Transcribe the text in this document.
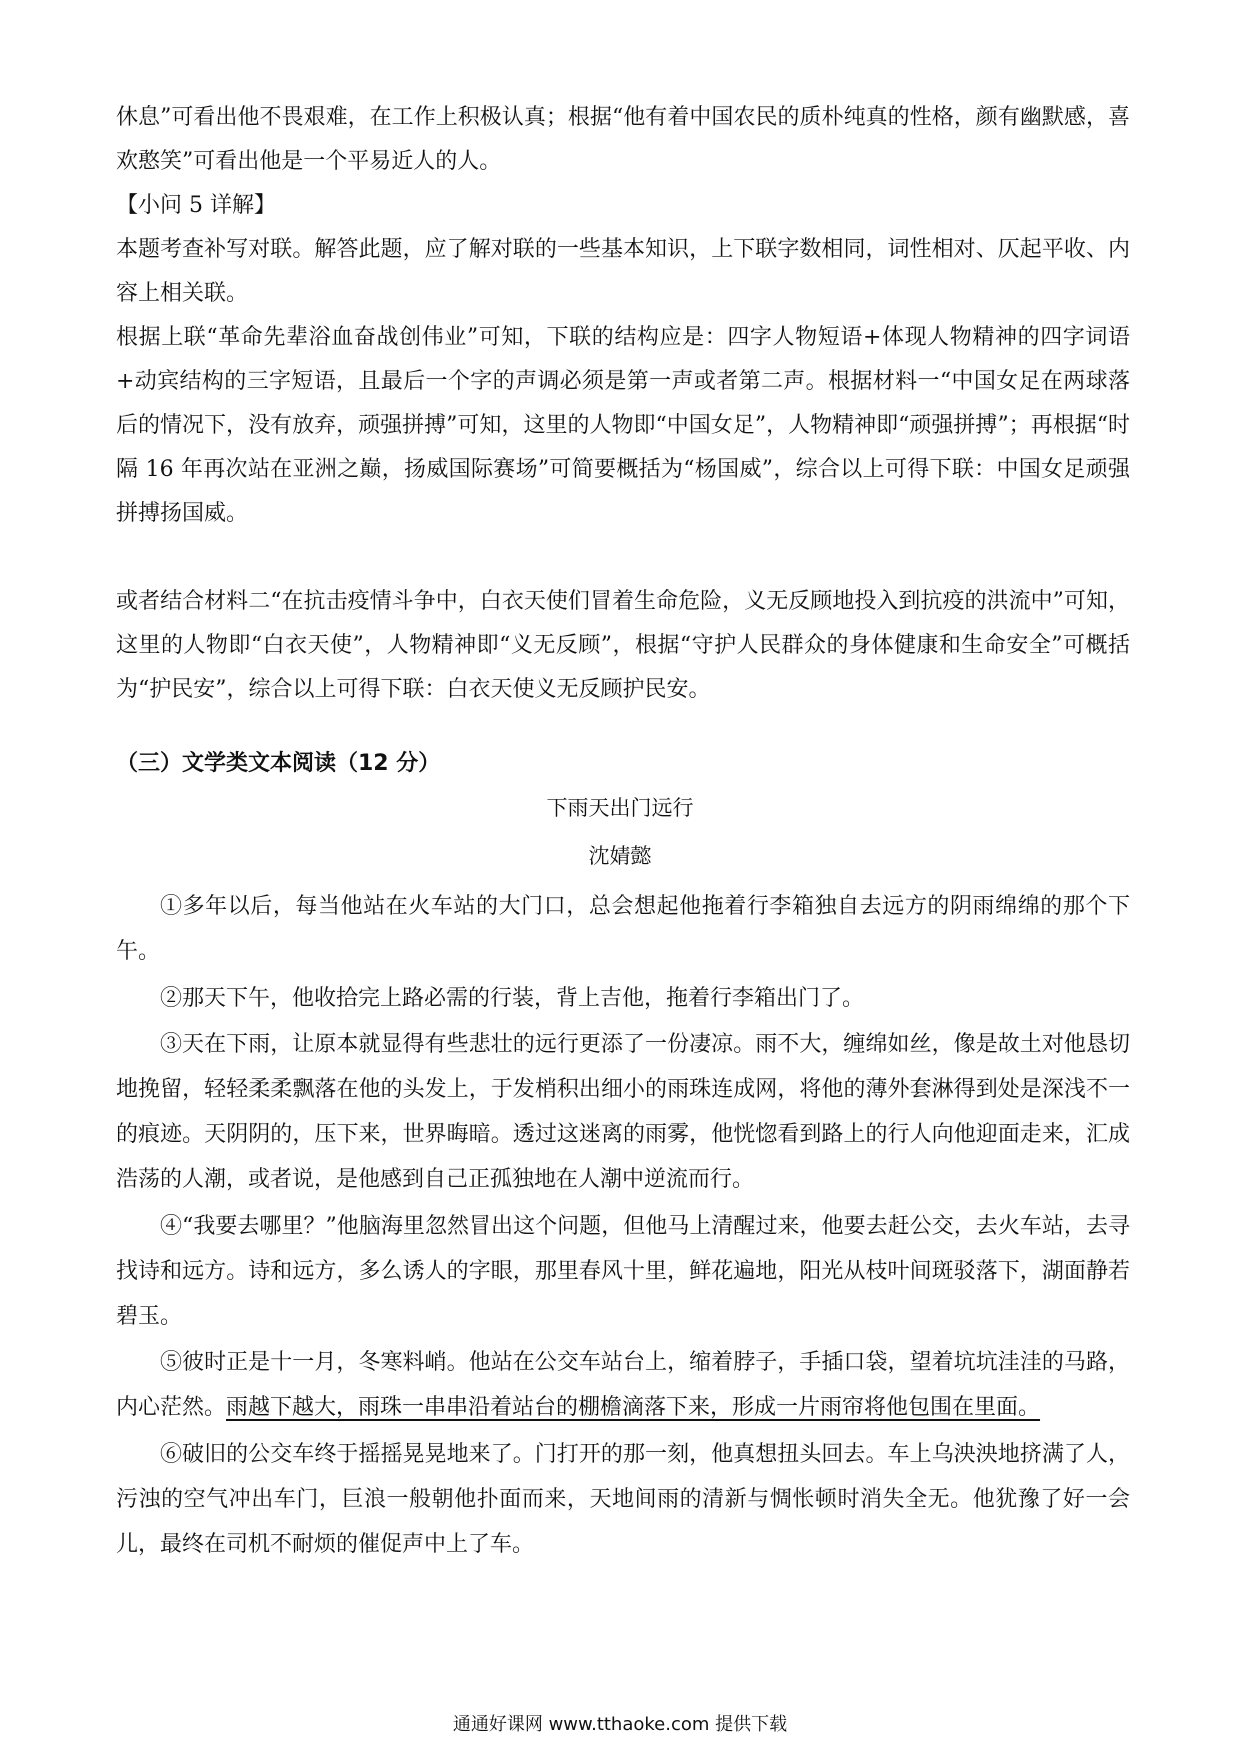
休息”可看出他不畏艰难，在工作上积极认真；根据“他有着中国农民的质朴纯真的性格，颜有幽默感，喜欢憨笑”可看出他是一个平易近人的人。

【小问 5 详解】

本题考查补写对联。解答此题，应了解对联的一些基本知识，上下联字数相同，词性相对、仄起平收、内容上相关联。

根据上联“革命先辈浴血奋战创伟业”可知，下联的结构应是：四字人物短语+体现人物精神的四字词语+动宾结构的三字短语，且最后一个字的声调必须是第一声或者第二声。根据材料一“中国女足在两球落后的情况下，没有放弃，顽强拼搏”可知，这里的人物即“中国女足”，人物精神即“顽强拼搏”；再根据“时隔 16 年再次站在亚洲之巅，扬威国际赛场”可简要概括为“杨国威”，综合以上可得下联：中国女足顽强拼搏扬国威。

或者结合材料二“在抗击疫情斗争中，白衣天使们冒着生命危险，义无反顾地投入到抗疫的洪流中”可知，这里的人物即“白衣天使”，人物精神即“义无反顾”，根据“守护人民群众的身体健康和生命安全”可概括为“护民安”，综合以上可得下联：白衣天使义无反顾护民安。

（三）文学类文本阅读（12 分）

下雨天出门远行

沈婧懿

①多年以后，每当他站在火车站的大门口，总会想起他拖着行李箱独自去远方的阴雨绵绵的那个下午。

②那天下午，他收拾完上路必需的行装，背上吉他，拖着行李箱出门了。

③天在下雨，让原本就显得有些悲壮的远行更添了一份凄凉。雨不大，缠绵如丝，像是故土对他恳切地挽留，轻轻柔柔飘落在他的头发上，于发梢积出细小的雨珠连成网，将他的薄外套淋得到处是深浅不一的痕迹。天阴阴的，压下来，世界晦暗。透过这迷离的雨雾，他恍惚看到路上的行人向他迎面走来，汇成浩荡的人潮，或者说，是他感到自己正孤独地在人潮中逆流而行。

④“我要去哪里？”他脑海里忽然冒出这个问题，但他马上清醒过来，他要去赶公交，去火车站，去寻找诗和远方。诗和远方，多么诱人的字眼，那里春风十里，鲜花遍地，阳光从枝叶间斑驳落下，湖面静若碧玉。

⑤彼时正是十一月，冬寒料峭。他站在公交车站台上，缩着脖子，手插口袋，望着坑坑洼洼的马路，内心茫然。雨越下越大，雨珠一串串沿着站台的棚檐滴落下来，形成一片雨帘将他包围在里面。

⑥破旧的公交车终于摇摇晃晃地来了。门打开的那一刻，他真想扭头回去。车上乌泱泱地挤满了人，污浊的空气冲出车门，巨浪一般朝他扑面而来，天地间雨的清新与惆怅顿时消失全无。他犹豫了好一会儿，最终在司机不耐烦的催促声中上了车。

通通好课网 www.tthaoke.com 提供下载
